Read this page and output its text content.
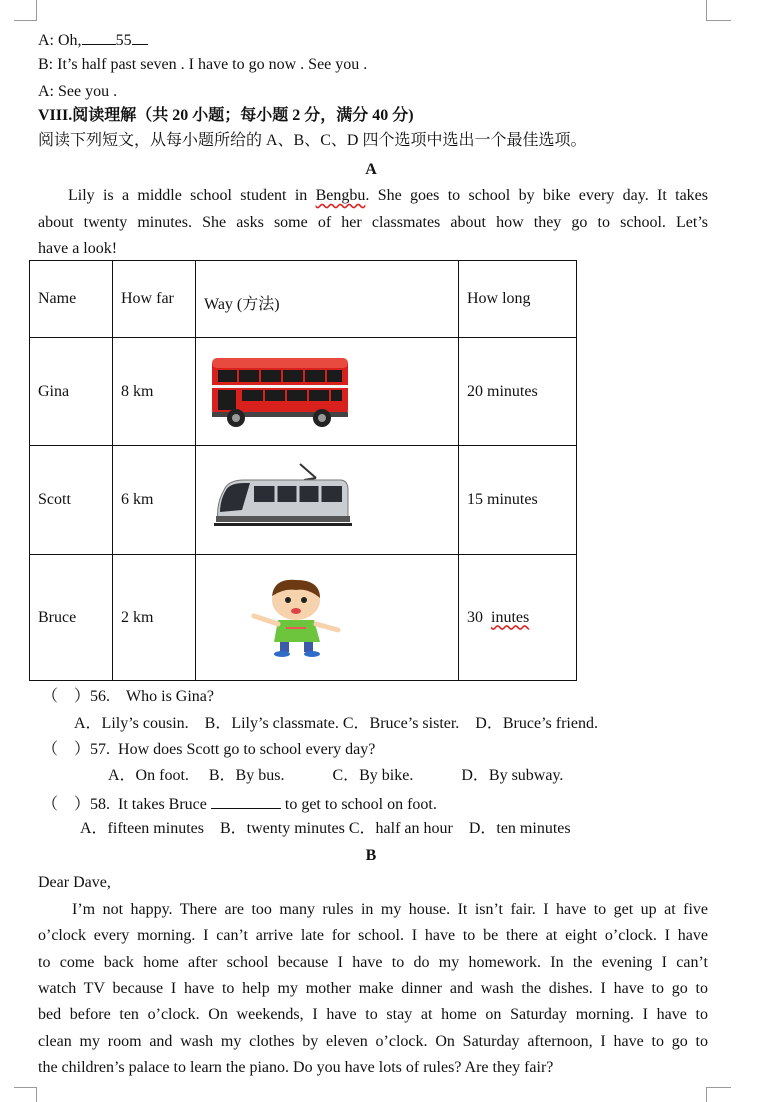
A: Oh, 55
B: It’s half past seven . I have to go now . See you .
A: See you .
VIII.阅读理解（共 20 小题；每小题 2 分，满分 40 分)
阅读下列短文，从每小题所给的 A、B、C、D 四个选项中选出一个最佳选项。
A
Lily is a middle school student in Bengbu. She goes to school by bike every day. It takes
about twenty minutes. She asks some of her classmates about how they go to school. Let’s
have a look!
Name	How far	Way (方法)	How long
Gina	8 km		20 minutes
Scott	6 km		15 minutes
Bruce	2 km		30 inutes
（　）56. Who is Gina?
A．Lily’s cousin.　B．Lily’s classmate. C．Bruce’s sister.　D．Bruce’s friend.
（　）57. How does Scott go to school every day?
A．On foot.　 B．By bus.　　　C．By bike.　　　D．By subway.
（　）58. It takes Bruce	to get to school on foot.
A．fifteen minutes　B．twenty minutes C．half an hour　D．ten minutes
B
Dear Dave,
I’m not happy. There are too many rules in my house. It isn’t fair. I have to get up at five
o’clock every morning. I can’t arrive late for school. I have to be there at eight o’clock. I have
to come back home after school because I have to do my homework. In the evening I can’t
watch TV because I have to help my mother make dinner and wash the dishes. I have to go to
bed before ten o’clock. On weekends, I have to stay at home on Saturday morning. I have to
clean my room and wash my clothes by eleven o’clock. On Saturday afternoon, I have to go to
the children’s palace to learn the piano. Do you have lots of rules? Are they fair?
